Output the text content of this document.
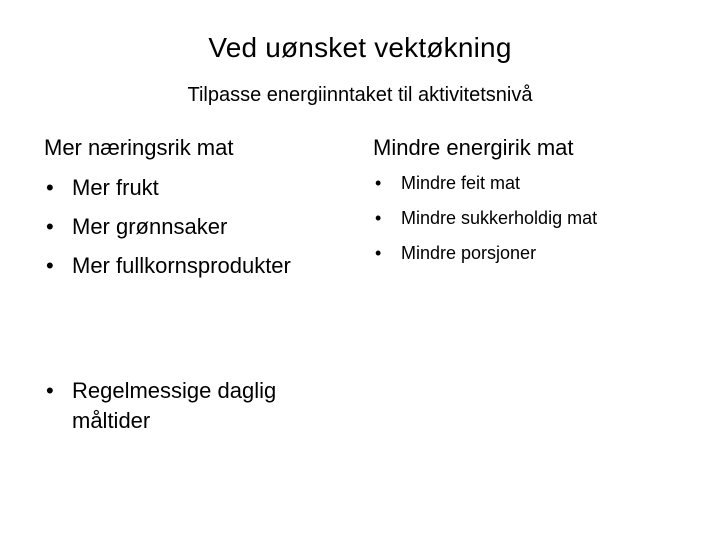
Ved uønsket vektøkning
Tilpasse energiinntaket til aktivitetsnivå
Mer næringsrik mat
• Mer frukt
• Mer grønnsaker
• Mer fullkornsprodukter
Mindre energirik mat
• Mindre feit mat
• Mindre sukkerholdig mat
• Mindre porsjoner
• Regelmessige daglig måltider
